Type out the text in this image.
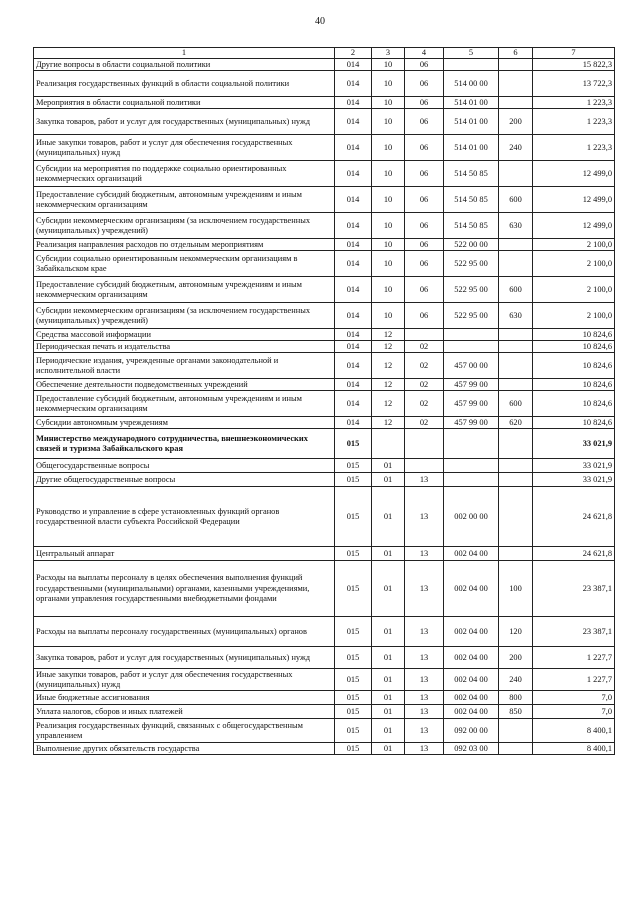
40
1	2	3	4	5	6	7
Другие вопросы в области социальной политики	014	10	06			15 822,3
Реализация государственных функций в области социальной политики	014	10	06	514 00 00		13 722,3
Мероприятия в области социальной политики	014	10	06	514 01 00		1 223,3
Закупка товаров, работ и услуг для государственных (муниципальных) нужд	014	10	06	514 01 00	200	1 223,3
Иные закупки товаров, работ и услуг для обеспечения государственных (муниципальных) нужд	014	10	06	514 01 00	240	1 223,3
Субсидии на мероприятия по поддержке социально ориентированных некоммерческих организаций	014	10	06	514 50 85		12 499,0
Предоставление субсидий бюджетным, автономным учреждениям и иным некоммерческим организациям	014	10	06	514 50 85	600	12 499,0
Субсидии некоммерческим организациям (за исключением государственных (муниципальных) учреждений)	014	10	06	514 50 85	630	12 499,0
Реализация направления расходов по отдельным мероприятиям	014	10	06	522 00 00		2 100,0
Субсидии социально ориентированным некоммерческим организациям в Забайкальском крае	014	10	06	522 95 00		2 100,0
Предоставление субсидий бюджетным, автономным учреждениям и иным некоммерческим организациям	014	10	06	522 95 00	600	2 100,0
Субсидии некоммерческим организациям (за исключением государственных (муниципальных) учреждений)	014	10	06	522 95 00	630	2 100,0
Средства массовой информации	014	12				10 824,6
Периодическая печать и издательства	014	12	02			10 824,6
Периодические издания, учрежденные органами законодательной и исполнительной власти	014	12	02	457 00 00		10 824,6
Обеспечение деятельности подведомственных учреждений	014	12	02	457 99 00		10 824,6
Предоставление субсидий бюджетным, автономным учреждениям и иным некоммерческим организациям	014	12	02	457 99 00	600	10 824,6
Субсидии автономным учреждениям	014	12	02	457 99 00	620	10 824,6
Министерство международного сотрудничества, внешнеэкономических связей и туризма Забайкальского края	015					33 021,9
Общегосударственные вопросы	015	01				33 021,9
Другие общегосударственные вопросы	015	01	13			33 021,9
Руководство и управление в сфере установленных функций органов государственной власти субъекта Российской Федерации	015	01	13	002 00 00		24 621,8
Центральный аппарат	015	01	13	002 04 00		24 621,8
Расходы на выплаты персоналу в целях обеспечения выполнения функций государственными (муниципальными) органами, казенными учреждениями, органами управления государственными внебюджетными фондами	015	01	13	002 04 00	100	23 387,1
Расходы на выплаты персоналу государственных (муниципальных) органов	015	01	13	002 04 00	120	23 387,1
Закупка товаров, работ и услуг для государственных (муниципальных) нужд	015	01	13	002 04 00	200	1 227,7
Иные закупки товаров, работ и услуг для обеспечения государственных (муниципальных) нужд	015	01	13	002 04 00	240	1 227,7
Иные бюджетные ассигнования	015	01	13	002 04 00	800	7,0
Уплата налогов, сборов и иных платежей	015	01	13	002 04 00	850	7,0
Реализация государственных функций, связанных с общегосударственным управлением	015	01	13	092 00 00		8 400,1
Выполнение других обязательств государства	015	01	13	092 03 00		8 400,1
